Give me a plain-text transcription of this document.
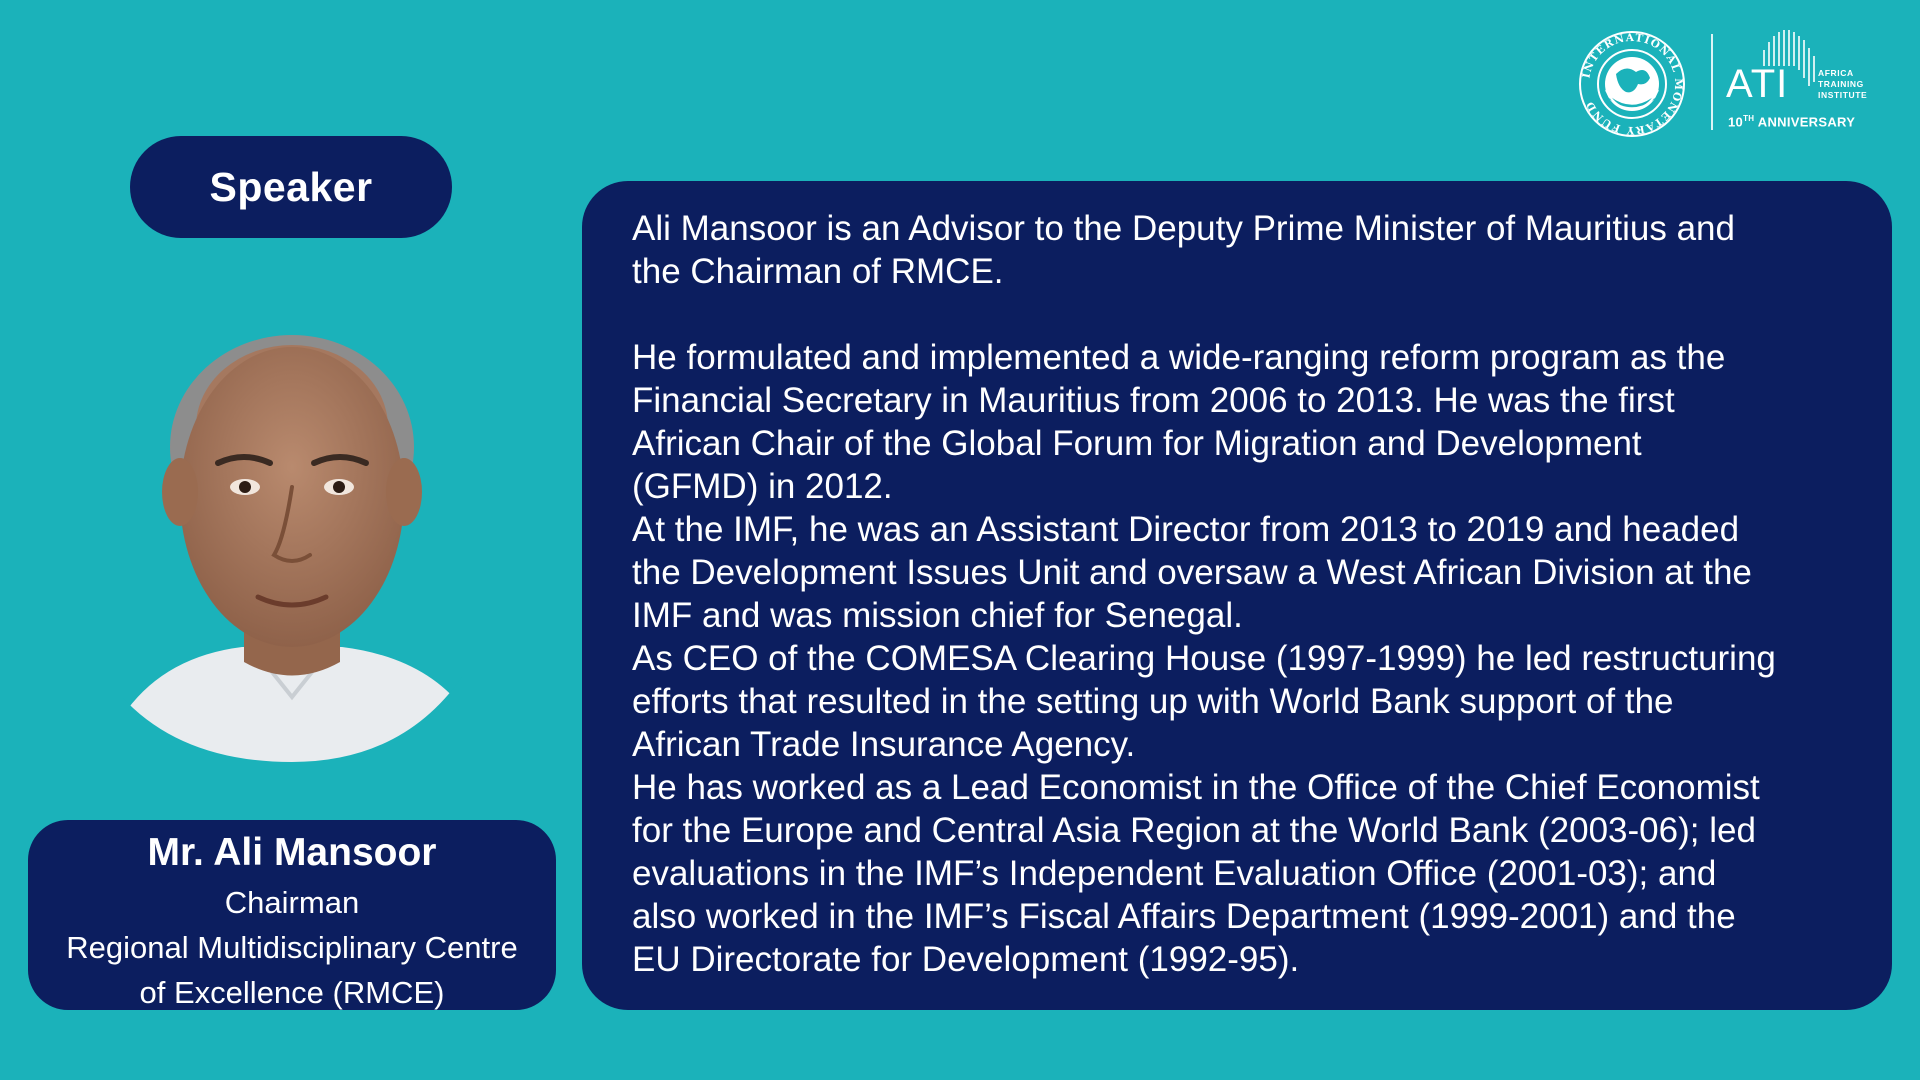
INTERNATIONAL MONETARY FUND	ATI	AFRICA
TRAINING
INSTITUTE
10TH ANNIVERSARY
Speaker
Mr. Ali Mansoor
Chairman
Regional Multidisciplinary Centre
of Excellence (RMCE)

Ali Mansoor is an Advisor to the Deputy Prime Minister of Mauritius and

the Chairman of RMCE.

He formulated and implemented a wide-ranging reform program as the

Financial Secretary in Mauritius from 2006 to 2013. He was the first

African Chair of the Global Forum for Migration and Development

(GFMD) in 2012.

At the IMF, he was an Assistant Director from 2013 to 2019 and headed

the Development Issues Unit and oversaw a West African Division at the

IMF and was mission chief for Senegal.

As CEO of the COMESA Clearing House (1997-1999) he led restructuring

efforts that resulted in the setting up with World Bank support of the

African Trade Insurance Agency.

He has worked as a Lead Economist in the Office of the Chief Economist

for the Europe and Central Asia Region at the World Bank (2003-06); led

evaluations in the IMF’s Independent Evaluation Office (2001-03); and

also worked in the IMF’s Fiscal Affairs Department (1999-2001) and the

EU Directorate for Development (1992-95).
